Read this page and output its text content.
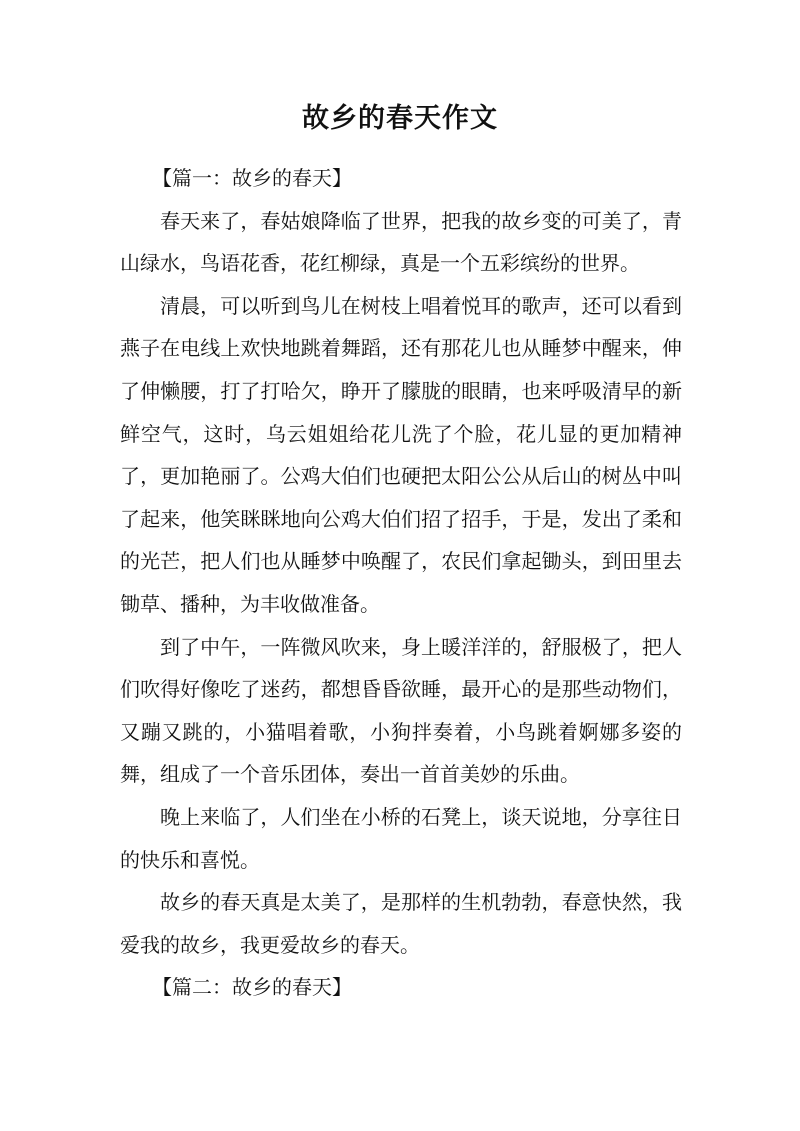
故乡的春天作文

【篇一：故乡的春天】

春天来了，春姑娘降临了世界，把我的故乡变的可美了，青山绿水，鸟语花香，花红柳绿，真是一个五彩缤纷的世界。

清晨，可以听到鸟儿在树枝上唱着悦耳的歌声，还可以看到燕子在电线上欢快地跳着舞蹈，还有那花儿也从睡梦中醒来，伸了伸懒腰，打了打哈欠，睁开了朦胧的眼睛，也来呼吸清早的新鲜空气，这时，乌云姐姐给花儿洗了个脸，花儿显的更加精神了，更加艳丽了。公鸡大伯们也硬把太阳公公从后山的树丛中叫了起来，他笑眯眯地向公鸡大伯们招了招手，于是，发出了柔和的光芒，把人们也从睡梦中唤醒了，农民们拿起锄头，到田里去锄草、播种，为丰收做准备。

到了中午，一阵微风吹来，身上暖洋洋的，舒服极了，把人们吹得好像吃了迷药，都想昏昏欲睡，最开心的是那些动物们，又蹦又跳的，小猫唱着歌，小狗拌奏着，小鸟跳着婀娜多姿的舞，组成了一个音乐团体，奏出一首首美妙的乐曲。

晚上来临了，人们坐在小桥的石凳上，谈天说地，分享往日的快乐和喜悦。

故乡的春天真是太美了，是那样的生机勃勃，春意快然，我爱我的故乡，我更爱故乡的春天。

【篇二：故乡的春天】
